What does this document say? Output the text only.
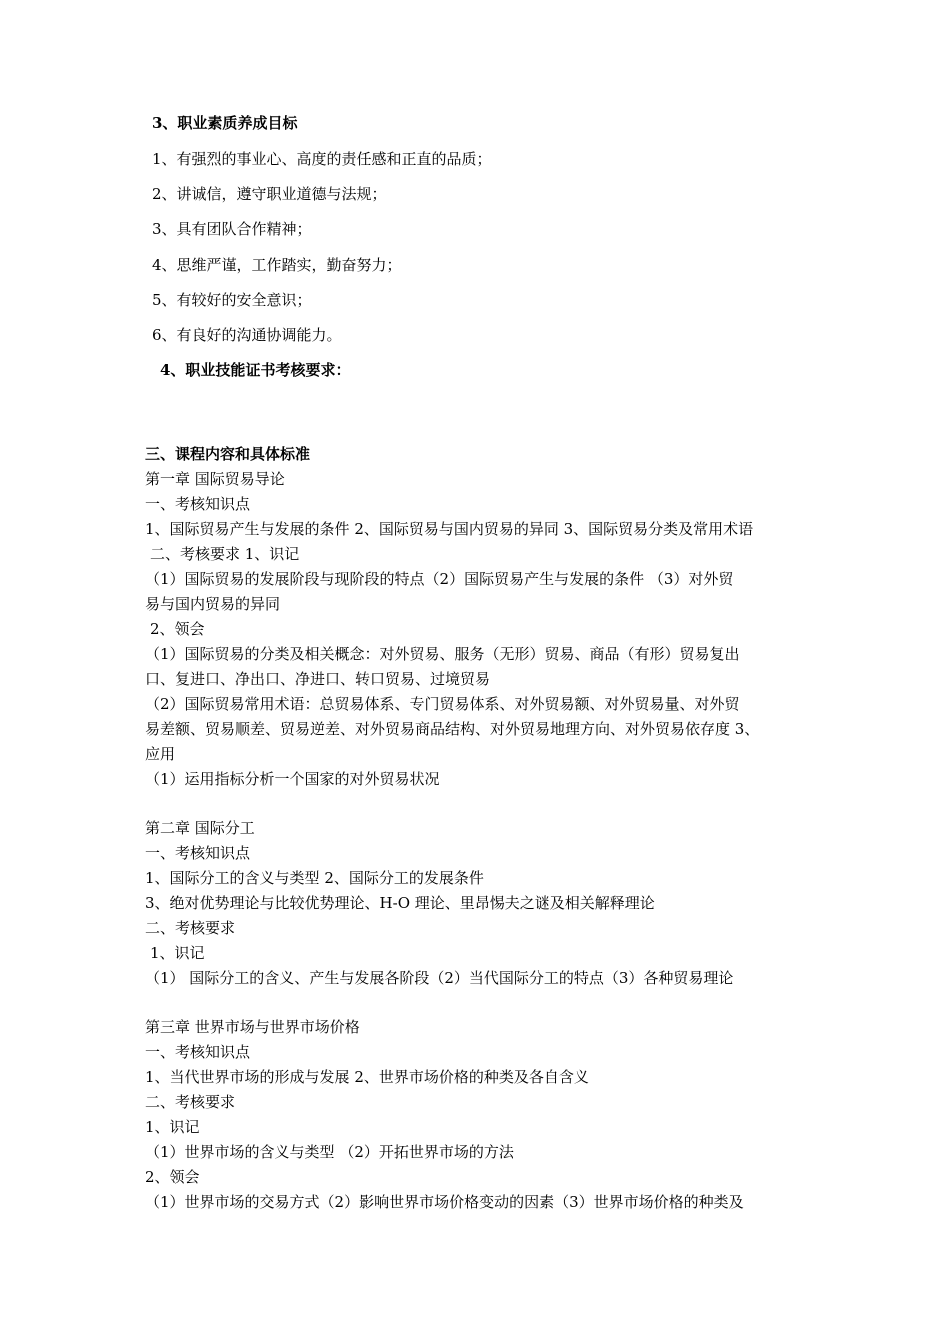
3、职业素质养成目标
1、有强烈的事业心、高度的责任感和正直的品质；
2、讲诚信，遵守职业道德与法规；
3、具有团队合作精神；
4、思维严谨，工作踏实，勤奋努力；
5、有较好的安全意识；
6、有良好的沟通协调能力。
4、职业技能证书考核要求：
三、课程内容和具体标准
第一章 国际贸易导论
一、考核知识点
1、国际贸易产生与发展的条件 2、国际贸易与国内贸易的异同 3、国际贸易分类及常用术语
二、考核要求 1、识记
（1）国际贸易的发展阶段与现阶段的特点（2）国际贸易产生与发展的条件 （3）对外贸
易与国内贸易的异同
2、领会
（1）国际贸易的分类及相关概念：对外贸易、服务（无形）贸易、商品（有形）贸易复出
口、复进口、净出口、净进口、转口贸易、过境贸易
（2）国际贸易常用术语：总贸易体系、专门贸易体系、对外贸易额、对外贸易量、对外贸
易差额、贸易顺差、贸易逆差、对外贸易商品结构、对外贸易地理方向、对外贸易依存度 3、
应用
（1）运用指标分析一个国家的对外贸易状况
第二章 国际分工
一、考核知识点
1、国际分工的含义与类型 2、国际分工的发展条件
3、绝对优势理论与比较优势理论、H-O 理论、里昂惕夫之谜及相关解释理论
二、考核要求
1、识记
（1） 国际分工的含义、产生与发展各阶段（2）当代国际分工的特点（3）各种贸易理论
第三章 世界市场与世界市场价格
一、考核知识点
1、当代世界市场的形成与发展 2、世界市场价格的种类及各自含义
二、考核要求
1、识记
（1）世界市场的含义与类型 （2）开拓世界市场的方法
2、领会
（1）世界市场的交易方式（2）影响世界市场价格变动的因素（3）世界市场价格的种类及
